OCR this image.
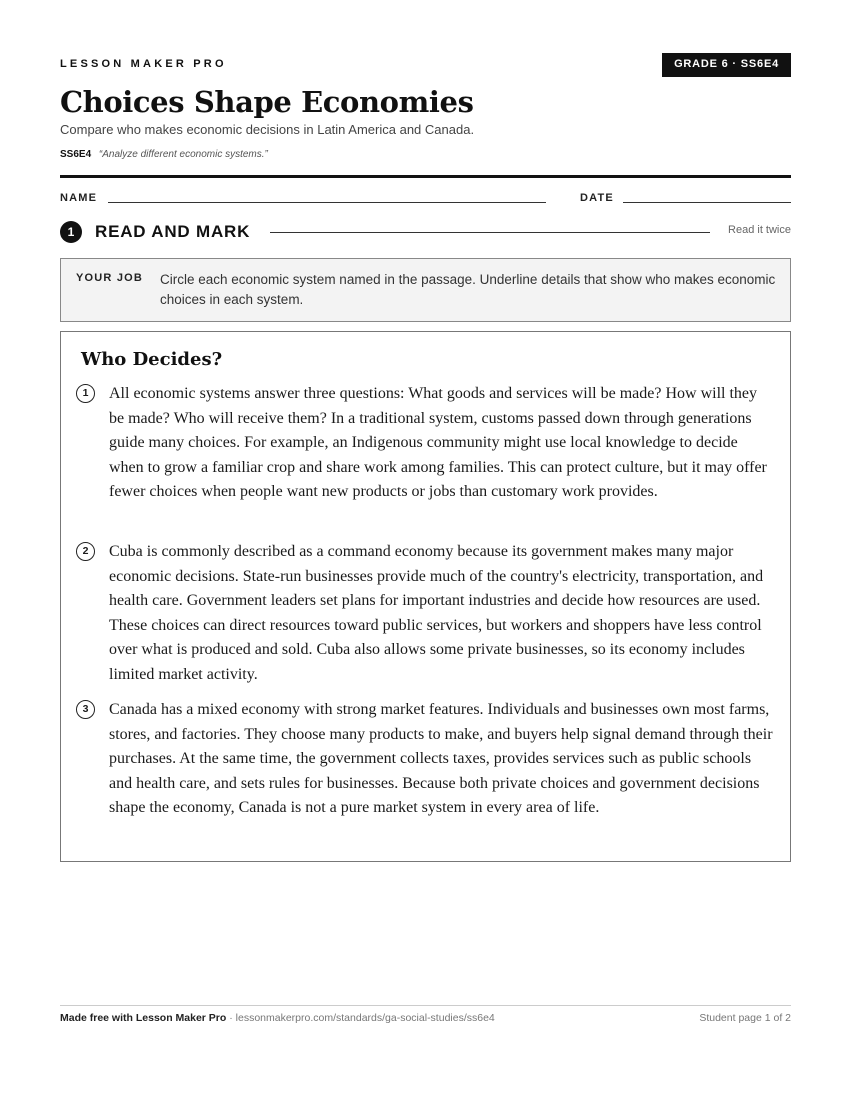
LESSON MAKER PRO	GRADE 6 · SS6E4
Choices Shape Economies
Compare who makes economic decisions in Latin America and Canada.
SS6E4 “Analyze different economic systems.”
NAME	DATE
1	READ AND MARK	Read it twice
YOUR JOB Circle each economic system named in the passage. Underline details that show who makes economic choices in each system.
Who Decides?
1	All economic systems answer three questions: What goods and services will be made? How will they be made? Who will receive them? In a traditional system, customs passed down through generations guide many choices. For example, an Indigenous community might use local knowledge to decide when to grow a familiar crop and share work among families. This can protect culture, but it may offer fewer choices when people want new products or jobs than customary work provides.
2	Cuba is commonly described as a command economy because its government makes many major economic decisions. State-run businesses provide much of the country's electricity, transportation, and health care. Government leaders set plans for important industries and decide how resources are used. These choices can direct resources toward public services, but workers and shoppers have less control over what is produced and sold. Cuba also allows some private businesses, so its economy includes limited market activity.
3	Canada has a mixed economy with strong market features. Individuals and businesses own most farms, stores, and factories. They choose many products to make, and buyers help signal demand through their purchases. At the same time, the government collects taxes, provides services such as public schools and health care, and sets rules for businesses. Because both private choices and government decisions shape the economy, Canada is not a pure market system in every area of life.
Made free with Lesson Maker Pro · lessonmakerpro.com/standards/ga-social-studies/ss6e4	Student page 1 of 2
